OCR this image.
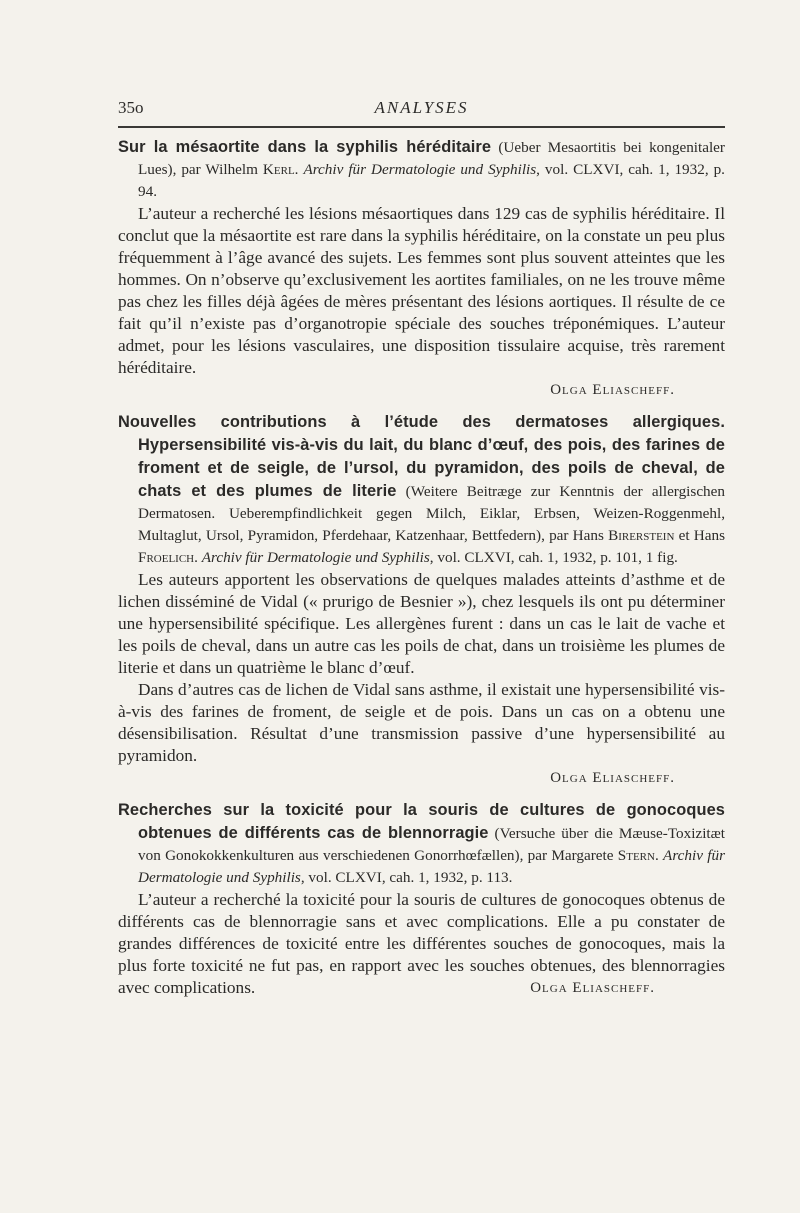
35o	ANALYSES

Sur la mésaortite dans la syphilis héréditaire (Ueber Mesaortitis bei kongenitaler Lues), par Wilhelm Kerl. Archiv für Dermatologie und Syphilis, vol. CLXVI, cah. 1, 1932, p. 94.

L’auteur a recherché les lésions mésaortiques dans 129 cas de syphilis héréditaire. Il conclut que la mésaortite est rare dans la syphilis héréditaire, on la constate un peu plus fréquemment à l’âge avancé des sujets. Les femmes sont plus souvent atteintes que les hommes. On n’observe qu’exclusivement les aortites familiales, on ne les trouve même pas chez les filles déjà âgées de mères présentant des lésions aortiques. Il résulte de ce fait qu’il n’existe pas d’organotropie spéciale des souches tréponémiques. L’auteur admet, pour les lésions vasculaires, une disposition tissulaire acquise, très rarement héréditaire.

Olga Eliascheff.

Nouvelles contributions à l’étude des dermatoses allergiques. Hypersensibilité vis-à-vis du lait, du blanc d’œuf, des pois, des farines de froment et de seigle, de l’ursol, du pyramidon, des poils de cheval, de chats et des plumes de literie (Weitere Beitræge zur Kenntnis der allergischen Dermatosen. Ueberempfindlichkeit gegen Milch, Eiklar, Erbsen, Weizen-Roggenmehl, Multaglut, Ursol, Pyramidon, Pferdehaar, Katzenhaar, Bettfedern), par Hans Birerstein et Hans Froelich. Archiv für Dermatologie und Syphilis, vol. CLXVI, cah. 1, 1932, p. 101, 1 fig.

Les auteurs apportent les observations de quelques malades atteints d’asthme et de lichen disséminé de Vidal (« prurigo de Besnier »), chez lesquels ils ont pu déterminer une hypersensibilité spécifique. Les allergènes furent : dans un cas le lait de vache et les poils de cheval, dans un autre cas les poils de chat, dans un troisième les plumes de literie et dans un quatrième le blanc d’œuf.

Dans d’autres cas de lichen de Vidal sans asthme, il existait une hypersensibilité vis-à-vis des farines de froment, de seigle et de pois. Dans un cas on a obtenu une désensibilisation. Résultat d’une transmission passive d’une hypersensibilité au pyramidon.

Olga Eliascheff.

Recherches sur la toxicité pour la souris de cultures de gonocoques obtenues de différents cas de blennorragie (Versuche über die Mæuse-Toxizitæt von Gonokokkenkulturen aus verschiedenen Gonorrhœfællen), par Margarete Stern. Archiv für Dermatologie und Syphilis, vol. CLXVI, cah. 1, 1932, p. 113.

L’auteur a recherché la toxicité pour la souris de cultures de gonocoques obtenus de différents cas de blennorragie sans et avec complications. Elle a pu constater de grandes différences de toxicité entre les différentes souches de gonocoques, mais la plus forte toxicité ne fut pas, en rapport avec les souches obtenues, des blennorragies avec complications.	Olga Eliascheff.
